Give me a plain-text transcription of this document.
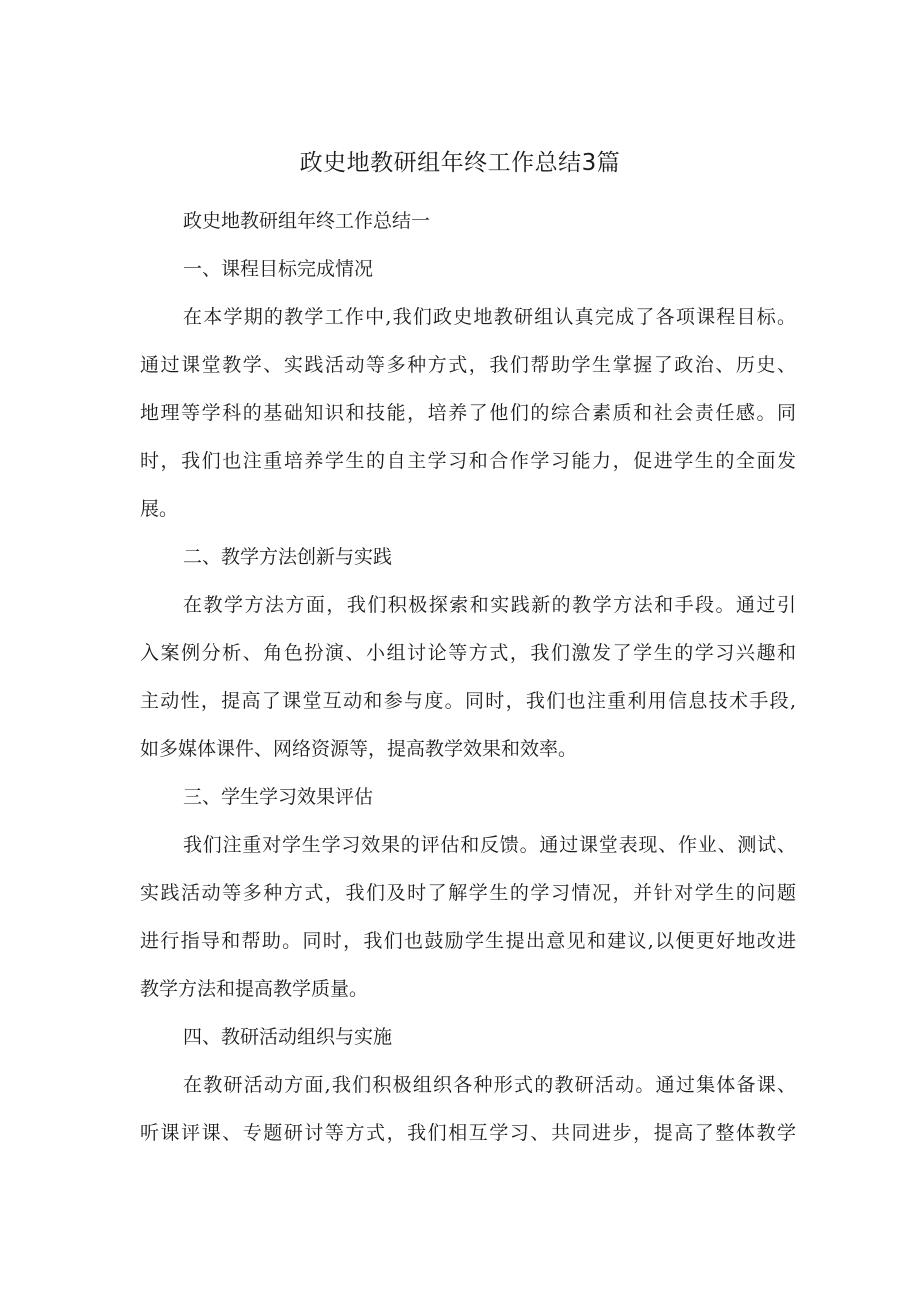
政史地教研组年终工作总结3篇
政史地教研组年终工作总结一
一、课程目标完成情况
在本学期的教学工作中,我们政史地教研组认真完成了各项课程目标。
通过课堂教学、实践活动等多种方式，我们帮助学生掌握了政治、历史、
地理等学科的基础知识和技能，培养了他们的综合素质和社会责任感。同
时，我们也注重培养学生的自主学习和合作学习能力，促进学生的全面发
展。
二、教学方法创新与实践
在教学方法方面，我们积极探索和实践新的教学方法和手段。通过引
入案例分析、角色扮演、小组讨论等方式，我们激发了学生的学习兴趣和
主动性，提高了课堂互动和参与度。同时，我们也注重利用信息技术手段,
如多媒体课件、网络资源等，提高教学效果和效率。
三、学生学习效果评估
我们注重对学生学习效果的评估和反馈。通过课堂表现、作业、测试、
实践活动等多种方式，我们及时了解学生的学习情况，并针对学生的问题
进行指导和帮助。同时，我们也鼓励学生提出意见和建议,以便更好地改进
教学方法和提高教学质量。
四、教研活动组织与实施
在教研活动方面,我们积极组织各种形式的教研活动。通过集体备课、
听课评课、专题研讨等方式，我们相互学习、共同进步，提高了整体教学
